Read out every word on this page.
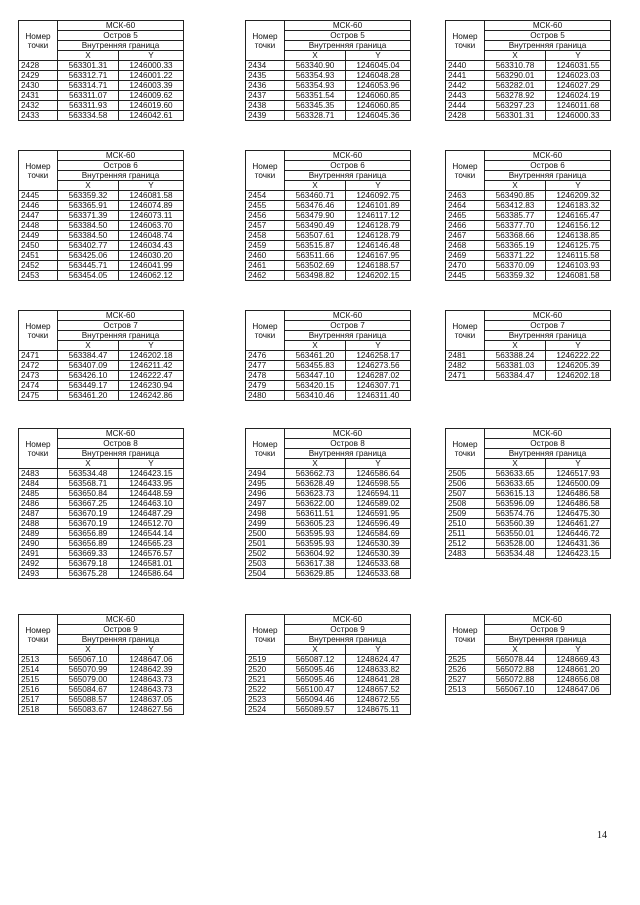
Номер
точки	МСК-60	
	Остров 5	
	Внутренняя граница	
	X	Y
2428	563301.31	1246000.33
2429	563312.71	1246001.22
2430	563314.71	1246003.39
2431	563311.07	1246009.62
2432	563311.93	1246019.60
2433	563334.58	1246042.61
Номер
точки	МСК-60	
	Остров 5	
	Внутренняя граница	
	X	Y
2434	563340.90	1246045.04
2435	563354.93	1246048.28
2436	563354.93	1246053.96
2437	563351.54	1246060.85
2438	563345.35	1246060.85
2439	563328.71	1246045.36
Номер
точки	МСК-60	
	Остров 5	
	Внутренняя граница	
	X	Y
2440	563310.78	1246031.55
2441	563290.01	1246023.03
2442	563282.01	1246027.29
2443	563278.92	1246024.19
2444	563297.23	1246011.68
2428	563301.31	1246000.33
Номер
точки	МСК-60	
	Остров 6	
	Внутренняя граница	
	X	Y
2445	563359.32	1246081.58
2446	563365.91	1246074.89
2447	563371.39	1246073.11
2448	563384.50	1246063.70
2449	563384.50	1246048.74
2450	563402.77	1246034.43
2451	563425.06	1246030.20
2452	563445.71	1246041.99
2453	563454.05	1246062.12
Номер
точки	МСК-60	
	Остров 6	
	Внутренняя граница	
	X	Y
2454	563460.71	1246092.75
2455	563476.46	1246101.89
2456	563479.90	1246117.12
2457	563490.49	1246128.79
2458	563507.61	1246128.79
2459	563515.87	1246146.48
2460	563511.66	1246167.95
2461	563502.69	1246188.57
2462	563498.82	1246202.15
Номер
точки	МСК-60	
	Остров 6	
	Внутренняя граница	
	X	Y
2463	563490.85	1246209.32
2464	563412.83	1246183.32
2465	563385.77	1246165.47
2466	563377.70	1246156.12
2467	563368.66	1246138.85
2468	563365.19	1246125.75
2469	563371.22	1246115.58
2470	563370.09	1246103.93
2445	563359.32	1246081.58
Номер
точки	МСК-60	
	Остров 7	
	Внутренняя граница	
	X	Y
2471	563384.47	1246202.18
2472	563407.09	1246211.42
2473	563426.10	1246222.47
2474	563449.17	1246230.94
2475	563461.20	1246242.86
Номер
точки	МСК-60	
	Остров 7	
	Внутренняя граница	
	X	Y
2476	563461.20	1246258.17
2477	563455.83	1246273.56
2478	563447.10	1246287.02
2479	563420.15	1246307.71
2480	563410.46	1246311.40
Номер
точки	МСК-60	
	Остров 7	
	Внутренняя граница	
	X	Y
2481	563388.24	1246222.22
2482	563381.03	1246205.39
2471	563384.47	1246202.18
Номер
точки	МСК-60	
	Остров 8	
	Внутренняя граница	
	X	Y
2483	563534.48	1246423.15
2484	563568.71	1246433.95
2485	563650.84	1246448.59
2486	563667.25	1246463.10
2487	563670.19	1246487.29
2488	563670.19	1246512.70
2489	563656.89	1246544.14
2490	563656.89	1246565.23
2491	563669.33	1246576.57
2492	563679.18	1246581.01
2493	563675.28	1246586.64
Номер
точки	МСК-60	
	Остров 8	
	Внутренняя граница	
	X	Y
2494	563662.73	1246586.64
2495	563628.49	1246598.55
2496	563623.73	1246594.11
2497	563622.00	1246589.02
2498	563611.51	1246591.95
2499	563605.23	1246596.49
2500	563595.93	1246584.69
2501	563595.93	1246530.39
2502	563604.92	1246530.39
2503	563617.38	1246533.68
2504	563629.85	1246533.68
Номер
точки	МСК-60	
	Остров 8	
	Внутренняя граница	
	X	Y
2505	563633.65	1246517.93
2506	563633.65	1246500.09
2507	563615.13	1246486.58
2508	563596.09	1246486.58
2509	563574.76	1246475.30
2510	563560.39	1246461.27
2511	563550.01	1246446.72
2512	563528.00	1246431.36
2483	563534.48	1246423.15
Номер
точки	МСК-60	
	Остров 9	
	Внутренняя граница	
	X	Y
2513	565067.10	1248647.06
2514	565070.99	1248642.39
2515	565079.00	1248643.73
2516	565084.67	1248643.73
2517	565088.57	1248637.05
2518	565083.67	1248627.56
Номер
точки	МСК-60	
	Остров 9	
	Внутренняя граница	
	X	Y
2519	565087.12	1248624.47
2520	565095.46	1248633.82
2521	565095.46	1248641.28
2522	565100.47	1248657.52
2523	565094.46	1248672.55
2524	565089.57	1248675.11
Номер
точки	МСК-60	
	Остров 9	
	Внутренняя граница	
	X	Y
2525	565078.44	1248669.43
2526	565072.88	1248661.20
2527	565072.88	1248656.08
2513	565067.10	1248647.06
14
